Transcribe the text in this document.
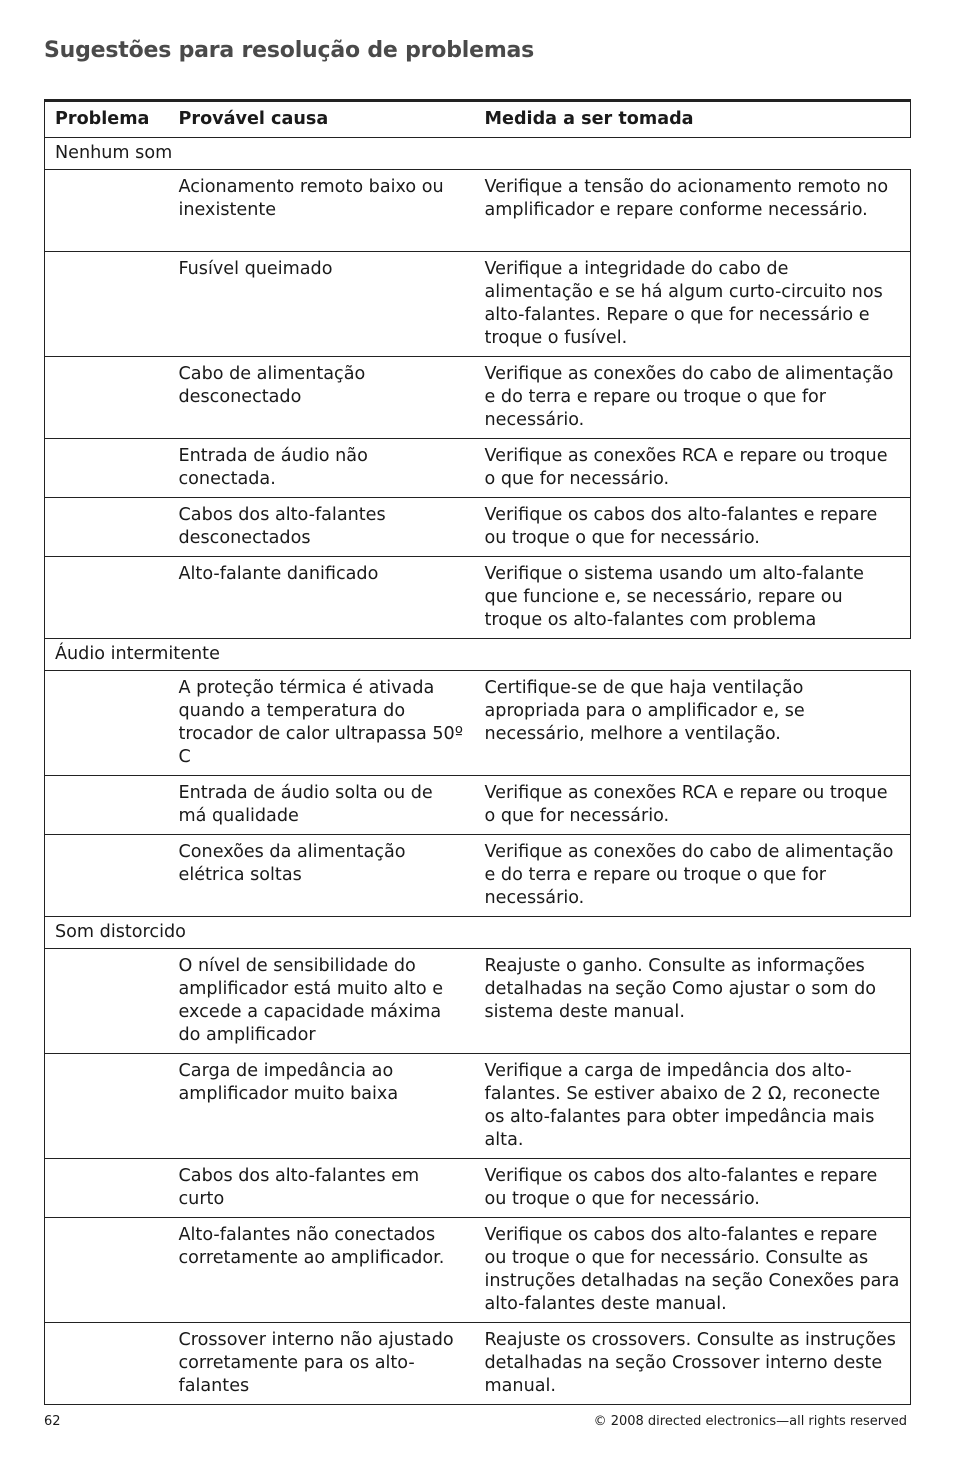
Sugestões para resolução de problemas
Problema	Provável causa	Medida a ser tomada
Nenhum som		
	Acionamento remoto baixo ou inexistente	Verifique a tensão do acionamento remoto no amplificador e repare conforme necessário.
	Fusível queimado	Verifique a integridade do cabo de alimentação e se há algum curto-circuito nos alto-falantes. Repare o que for necessário e troque o fusível.
	Cabo de alimentação desconectado	Verifique as conexões do cabo de alimentação e do terra e repare ou troque o que for necessário.
	Entrada de áudio não conectada.	Verifique as conexões RCA e repare ou troque o que for necessário.
	Cabos dos alto-falantes desconectados	Verifique os cabos dos alto-falantes e repare ou troque o que for necessário.
	Alto-falante danificado	Verifique o sistema usando um alto-falante que funcione e, se necessário, repare ou troque os alto-falantes com problema
Áudio intermitente		
	A proteção térmica é ativada quando a temperatura do trocador de calor ultrapassa 50º C	Certifique-se de que haja ventilação apropriada para o amplificador e, se necessário, melhore a ventilação.
	Entrada de áudio solta ou de má qualidade	Verifique as conexões RCA e repare ou troque o que for necessário.
	Conexões da alimentação elétrica soltas	Verifique as conexões do cabo de alimentação e do terra e repare ou troque o que for necessário.
Som distorcido		
	O nível de sensibilidade do amplificador está muito alto e excede a capacidade máxima do amplificador	Reajuste o ganho. Consulte as informações detalhadas na seção Como ajustar o som do sistema deste manual.
	Carga de impedância ao amplificador muito baixa	Verifique a carga de impedância dos alto-falantes. Se estiver abaixo de 2 Ω, reconecte os alto-falantes para obter impedância mais alta.
	Cabos dos alto-falantes em curto	Verifique os cabos dos alto-falantes e repare ou troque o que for necessário.
	Alto-falantes não conectados corretamente ao amplificador.	Verifique os cabos dos alto-falantes e repare ou troque o que for necessário. Consulte as instruções detalhadas na seção Conexões para alto-falantes deste manual.
	Crossover interno não ajustado corretamente para os alto-falantes	Reajuste os crossovers. Consulte as instruções detalhadas na seção Crossover interno deste manual.
62	© 2008 directed electronics—all rights reserved
